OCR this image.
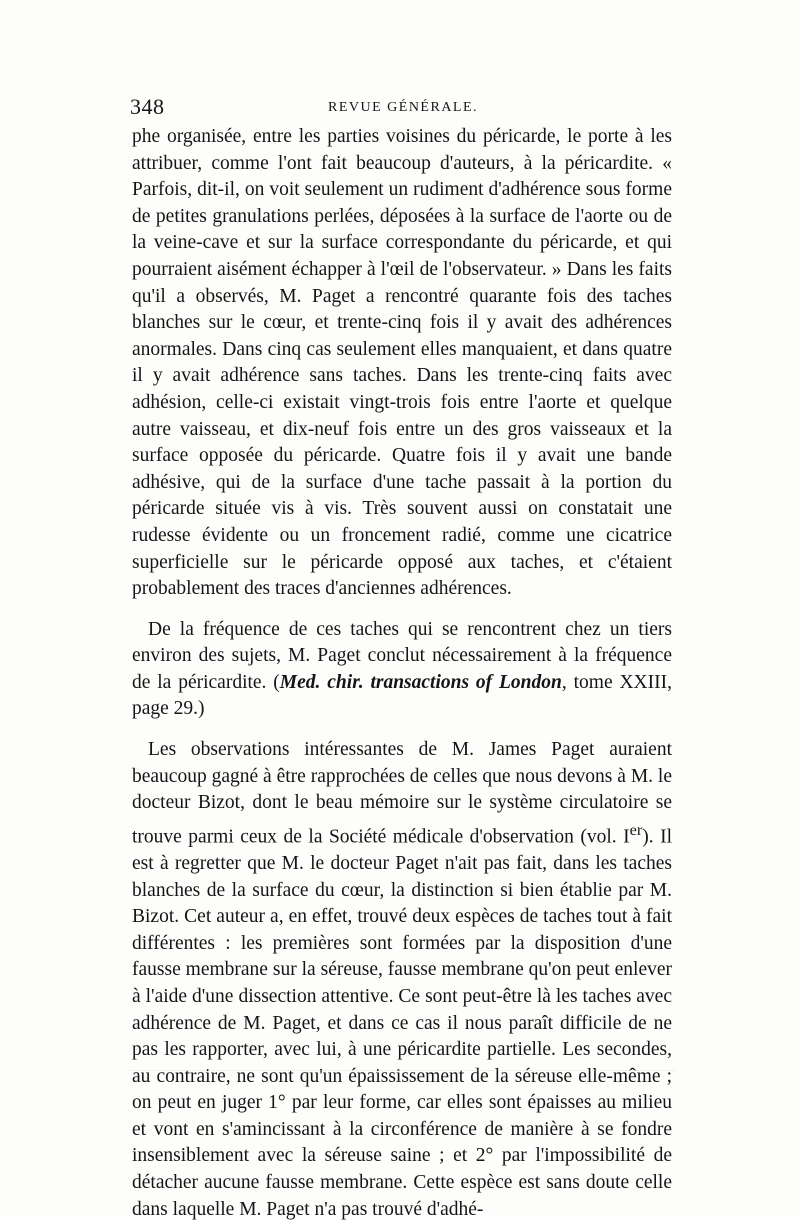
348	REVUE GÉNÉRALE.

phe organisée, entre les parties voisines du péricarde, le porte à les attribuer, comme l'ont fait beaucoup d'auteurs, à la péricardite. « Parfois, dit-il, on voit seulement un rudiment d'adhérence sous forme de petites granulations perlées, déposées à la surface de l'aorte ou de la veine-cave et sur la surface correspondante du péricarde, et qui pourraient aisément échapper à l'œil de l'observateur. » Dans les faits qu'il a observés, M. Paget a rencontré quarante fois des taches blanches sur le cœur, et trente-cinq fois il y avait des adhérences anormales. Dans cinq cas seulement elles manquaient, et dans quatre il y avait adhérence sans taches. Dans les trente-cinq faits avec adhésion, celle-ci existait vingt-trois fois entre l'aorte et quelque autre vaisseau, et dix-neuf fois entre un des gros vaisseaux et la surface opposée du péricarde. Quatre fois il y avait une bande adhésive, qui de la surface d'une tache passait à la portion du péricarde située vis à vis. Très souvent aussi on constatait une rudesse évidente ou un froncement radié, comme une cicatrice superficielle sur le péricarde opposé aux taches, et c'étaient probablement des traces d'anciennes adhérences.

De la fréquence de ces taches qui se rencontrent chez un tiers environ des sujets, M. Paget conclut nécessairement à la fréquence de la péricardite. (Med. chir. transactions of London, tome XXIII, page 29.)

Les observations intéressantes de M. James Paget auraient beaucoup gagné à être rapprochées de celles que nous devons à M. le docteur Bizot, dont le beau mémoire sur le système circulatoire se trouve parmi ceux de la Société médicale d'observation (vol. Ier). Il est à regretter que M. le docteur Paget n'ait pas fait, dans les taches blanches de la surface du cœur, la distinction si bien établie par M. Bizot. Cet auteur a, en effet, trouvé deux espèces de taches tout à fait différentes : les premières sont formées par la disposition d'une fausse membrane sur la séreuse, fausse membrane qu'on peut enlever à l'aide d'une dissection attentive. Ce sont peut-être là les taches avec adhérence de M. Paget, et dans ce cas il nous paraît difficile de ne pas les rapporter, avec lui, à une péricardite partielle. Les secondes, au contraire, ne sont qu'un épaississement de la séreuse elle-même ; on peut en juger 1° par leur forme, car elles sont épaisses au milieu et vont en s'amincissant à la circonférence de manière à se fondre insensiblement avec la séreuse saine ; et 2° par l'impossibilité de détacher aucune fausse membrane. Cette espèce est sans doute celle dans laquelle M. Paget n'a pas trouvé d'adhé-
